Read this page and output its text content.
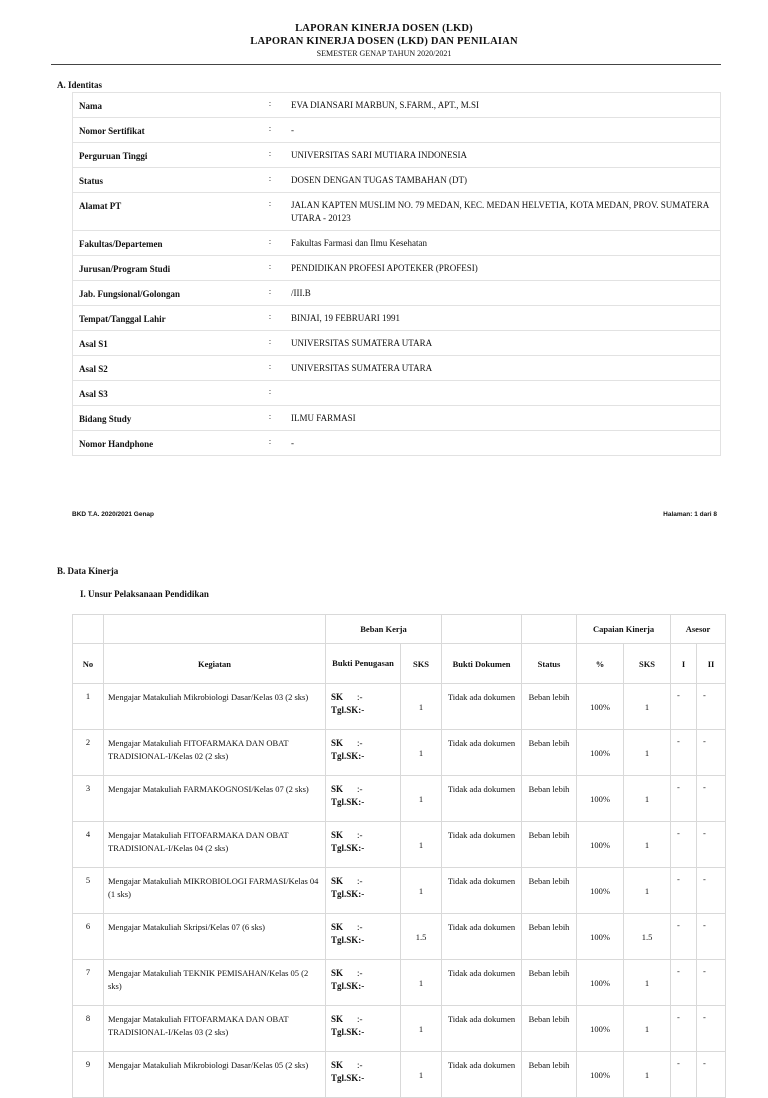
LAPORAN KINERJA DOSEN (LKD)
LAPORAN KINERJA DOSEN (LKD) DAN PENILAIAN
SEMESTER GENAP TAHUN 2020/2021
A. Identitas
Nama	:	EVA DIANSARI MARBUN, S.FARM., APT., M.SI
Nomor Sertifikat	:	-
Perguruan Tinggi	:	UNIVERSITAS SARI MUTIARA INDONESIA
Status	:	DOSEN DENGAN TUGAS TAMBAHAN (DT)
Alamat PT	:	JALAN KAPTEN MUSLIM NO. 79 MEDAN, KEC. MEDAN HELVETIA, KOTA MEDAN, PROV. SUMATERA UTARA - 20123
Fakultas/Departemen	:	Fakultas Farmasi dan Ilmu Kesehatan
Jurusan/Program Studi	:	PENDIDIKAN PROFESI APOTEKER (PROFESI)
Jab. Fungsional/Golongan	:	/III.B
Tempat/Tanggal Lahir	:	BINJAI, 19 FEBRUARI 1991
Asal S1	:	UNIVERSITAS SUMATERA UTARA
Asal S2	:	UNIVERSITAS SUMATERA UTARA
Asal S3	:	
Bidang Study	:	ILMU FARMASI
Nomor Handphone	:	-
BKD T.A. 2020/2021 Genap	Halaman: 1 dari 8
B. Data Kinerja
I. Unsur Pelaksanaan Pendidikan
		Beban Kerja				Capaian Kinerja		Asesor	
No	Kegiatan	Bukti Penugasan	SKS	Bukti Dokumen	Status	%	SKS	I	II
1	Mengajar Matakuliah Mikrobiologi Dasar/Kelas 03 (2 sks)	SK :-
Tgl.SK:-	1	Tidak ada dokumen	Beban lebih	100%	1	-	-
2	Mengajar Matakuliah FITOFARMAKA DAN OBAT TRADISIONAL-I/Kelas 02 (2 sks)	SK :-
Tgl.SK:-	1	Tidak ada dokumen	Beban lebih	100%	1	-	-
3	Mengajar Matakuliah FARMAKOGNOSI/Kelas 07 (2 sks)	SK :-
Tgl.SK:-	1	Tidak ada dokumen	Beban lebih	100%	1	-	-
4	Mengajar Matakuliah FITOFARMAKA DAN OBAT TRADISIONAL-I/Kelas 04 (2 sks)	SK :-
Tgl.SK:-	1	Tidak ada dokumen	Beban lebih	100%	1	-	-
5	Mengajar Matakuliah MIKROBIOLOGI FARMASI/Kelas 04 (1 sks)	SK :-
Tgl.SK:-	1	Tidak ada dokumen	Beban lebih	100%	1	-	-
6	Mengajar Matakuliah Skripsi/Kelas 07 (6 sks)	SK :-
Tgl.SK:-	1.5	Tidak ada dokumen	Beban lebih	100%	1.5	-	-
7	Mengajar Matakuliah TEKNIK PEMISAHAN/Kelas 05 (2 sks)	SK :-
Tgl.SK:-	1	Tidak ada dokumen	Beban lebih	100%	1	-	-
8	Mengajar Matakuliah FITOFARMAKA DAN OBAT TRADISIONAL-I/Kelas 03 (2 sks)	SK :-
Tgl.SK:-	1	Tidak ada dokumen	Beban lebih	100%	1	-	-
9	Mengajar Matakuliah Mikrobiologi Dasar/Kelas 05 (2 sks)	SK :-
Tgl.SK:-	1	Tidak ada dokumen	Beban lebih	100%	1	-	-
